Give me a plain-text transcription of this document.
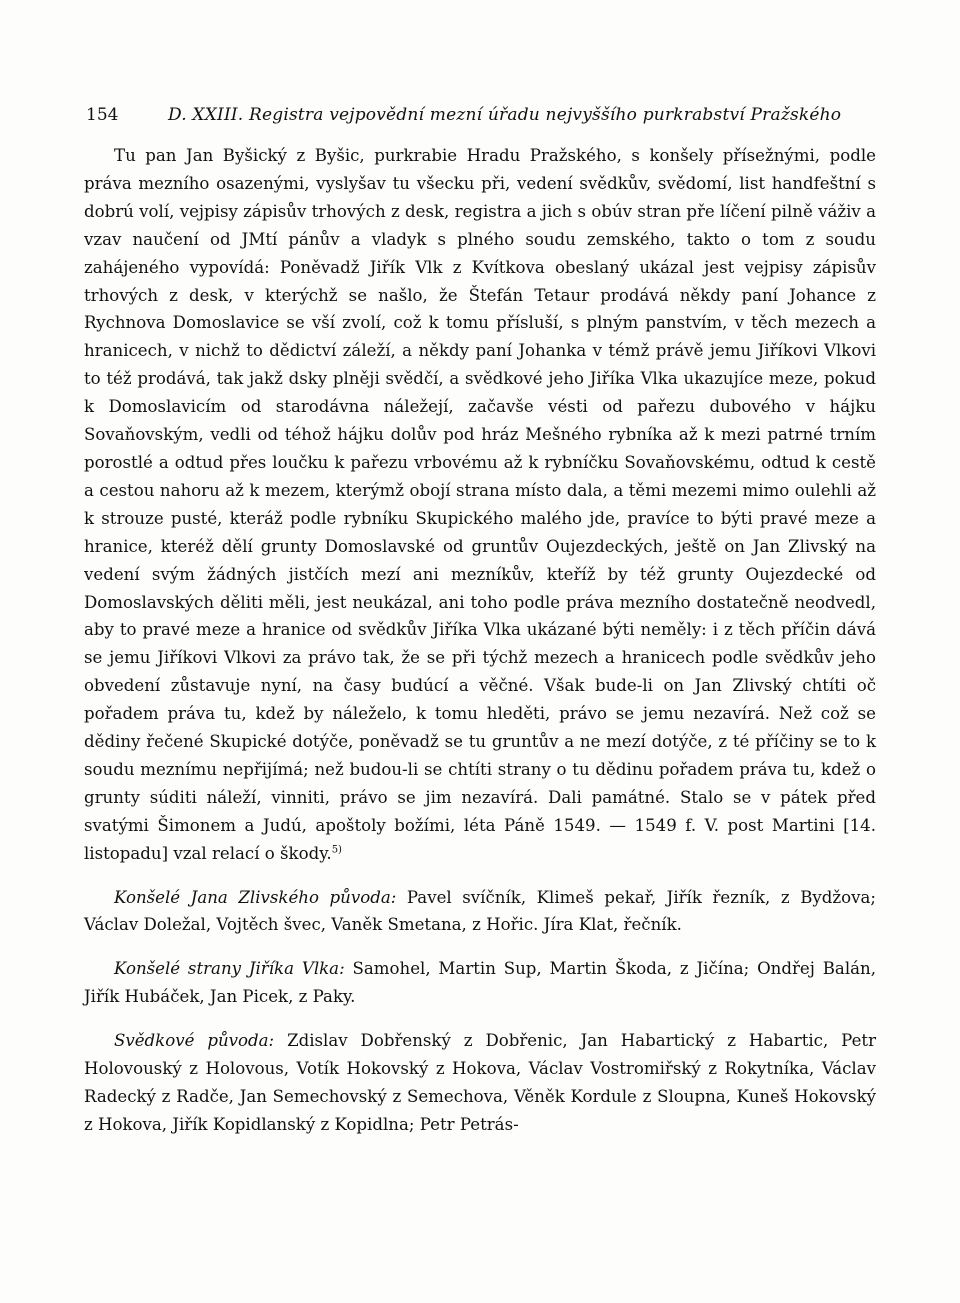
154	D. XXIII. Registra vejpovědní mezní úřadu nejvyššího purkrabství Pražského

Tu pan Jan Byšický z Byšic, purkrabie Hradu Pražského, s konšely přísežnými, podle práva mezního osazenými, vyslyšav tu všecku při, vedení svědkův, svědomí, list handfeštní s dobrú volí, vejpisy zápisův trhových z desk, registra a jich s obúv stran pře líčení pilně váživ a vzav naučení od JMtí pánův a vladyk s plného soudu zemského, takto o tom z soudu zahájeného vypovídá: Poněvadž Jiřík Vlk z Kvítkova obeslaný ukázal jest vejpisy zápisův trhových z desk, v kterýchž se našlo, že Štefán Tetaur prodává někdy paní Johance z Rychnova Domoslavice se vší zvolí, což k tomu přísluší, s plným panstvím, v těch mezech a hranicech, v nichž to dědictví záleží, a někdy paní Johanka v témž právě jemu Jiříkovi Vlkovi to též prodává, tak jakž dsky plněji svědčí, a svědkové jeho Jiříka Vlka ukazujíce meze, pokud k Domoslavicím od starodávna náležejí, začavše vésti od pařezu dubového v hájku Sovaňovským, vedli od téhož hájku dolův pod hráz Mešného rybníka až k mezi patrné trním porostlé a odtud přes loučku k pařezu vrbovému až k rybníčku Sovaňovskému, odtud k cestě a cestou nahoru až k mezem, kterýmž obojí strana místo dala, a těmi mezemi mimo oulehli až k strouze pusté, kteráž podle rybníku Skupického malého jde, pravíce to býti pravé meze a hranice, kteréž dělí grunty Domoslavské od gruntův Oujezdeckých, ještě on Jan Zlivský na vedení svým žádných jistčích mezí ani mezníkův, kteříž by též grunty Oujezdecké od Domoslavských děliti měli, jest neukázal, ani toho podle práva mezního dostatečně neodvedl, aby to pravé meze a hranice od svědkův Jiříka Vlka ukázané býti neměly: i z těch příčin dává se jemu Jiříkovi Vlkovi za právo tak, že se při týchž mezech a hranicech podle svědkův jeho obvedení zůstavuje nyní, na časy budúcí a věčné. Však bude-li on Jan Zlivský chtíti oč pořadem práva tu, kdež by náleželo, k tomu hleděti, právo se jemu nezavírá. Než což se dědiny řečené Skupické dotýče, poněvadž se tu gruntův a ne mezí dotýče, z té příčiny se to k soudu meznímu nepřijímá; než budou-li se chtíti strany o tu dědinu pořadem práva tu, kdež o grunty súditi náleží, vinniti, právo se jim nezavírá. Dali památné. Stalo se v pátek před svatými Šimonem a Judú, apoštoly božími, léta Páně 1549. — 1549 f. V. post Martini [14. listopadu] vzal relací o škody.$^{5)}$

Konšelé Jana Zlivského původa: Pavel svíčník, Klimeš pekař, Jiřík řezník, z Bydžova; Václav Doležal, Vojtěch švec, Vaněk Smetana, z Hořic. Jíra Klat, řečník.

Konšelé strany Jiříka Vlka: Samohel, Martin Sup, Martin Škoda, z Jičína; Ondřej Balán, Jiřík Hubáček, Jan Picek, z Paky.

Svědkové původa: Zdislav Dobřenský z Dobřenic, Jan Habartický z Habartic, Petr Holovouský z Holovous, Votík Hokovský z Hokova, Václav Vostromiřský z Rokytníka, Václav Radecký z Radče, Jan Semechovský z Semechova, Věněk Kordule z Sloupna, Kuneš Hokovský z Hokova, Jiřík Kopidlanský z Kopidlna; Petr Petrás-
